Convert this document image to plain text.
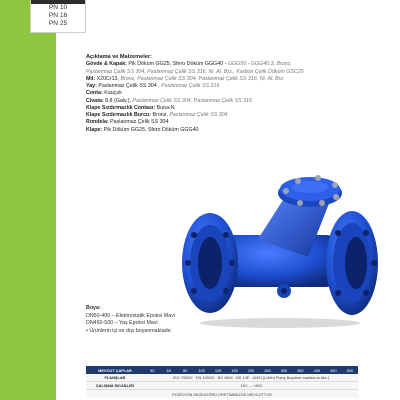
PN 10
PN 16
PN 25
Açıklama ve Malzemeler:
Gövde & Kapak: Pik Döküm GG25, Sfero Döküm GGG40 - GGG50 - GGG40.3, Bronz,
Paslanmaz Çelik SS 304, Paslanmaz Çelik SS 316, Ni. Al. Brz., Karbon Çelik Döküm GSC25
Mil: X20Cr13, Bronz, Paslanmaz Çelik SS 304, Paslanmaz Çelik SS 316, Ni. Al. Brz.
Yay: Paslanmaz Çelik SS 304 , Paslanmaz Çelik SS 316
Conta: Kauçuk
Civata: 8.8 (Galv.), Paslanmaz Çelik SS 304, Paslanmaz Çelik SS 316
Klape Sızdırmazlık Contası: Buna-N
Klape Sızdırmazlık Burcu: Bronz, Paslanmaz Çelik SS 304
Rondela: Paslanmaz Çelik SS 304
Klape: Pik Döküm GG25, Sfero Döküm GGG40
Boya:
DN50-400 – Elektrostatik Epoksi Mavi
DN450-500 – Yaş Epoksi Mavi
• Ürünlerin içi ve dışı boyanmaktadır.
MEVCUT ÇAPLAR	50	65	80	100	125	150	200	250	300	350	400	450	500
FLANŞLAR	ISO 7005/2 · EN 1092/2 · BS 4504 · BS 10E · ANSI (Lütfen Flanş Boyutları sayfasına bkz.)
ÇALIŞMA SICAKLIĞI	-10C ... +80C
POZİSYON İNDİKATÖRÜ ÜRETİMİMİZDE MEVCUTTUR
